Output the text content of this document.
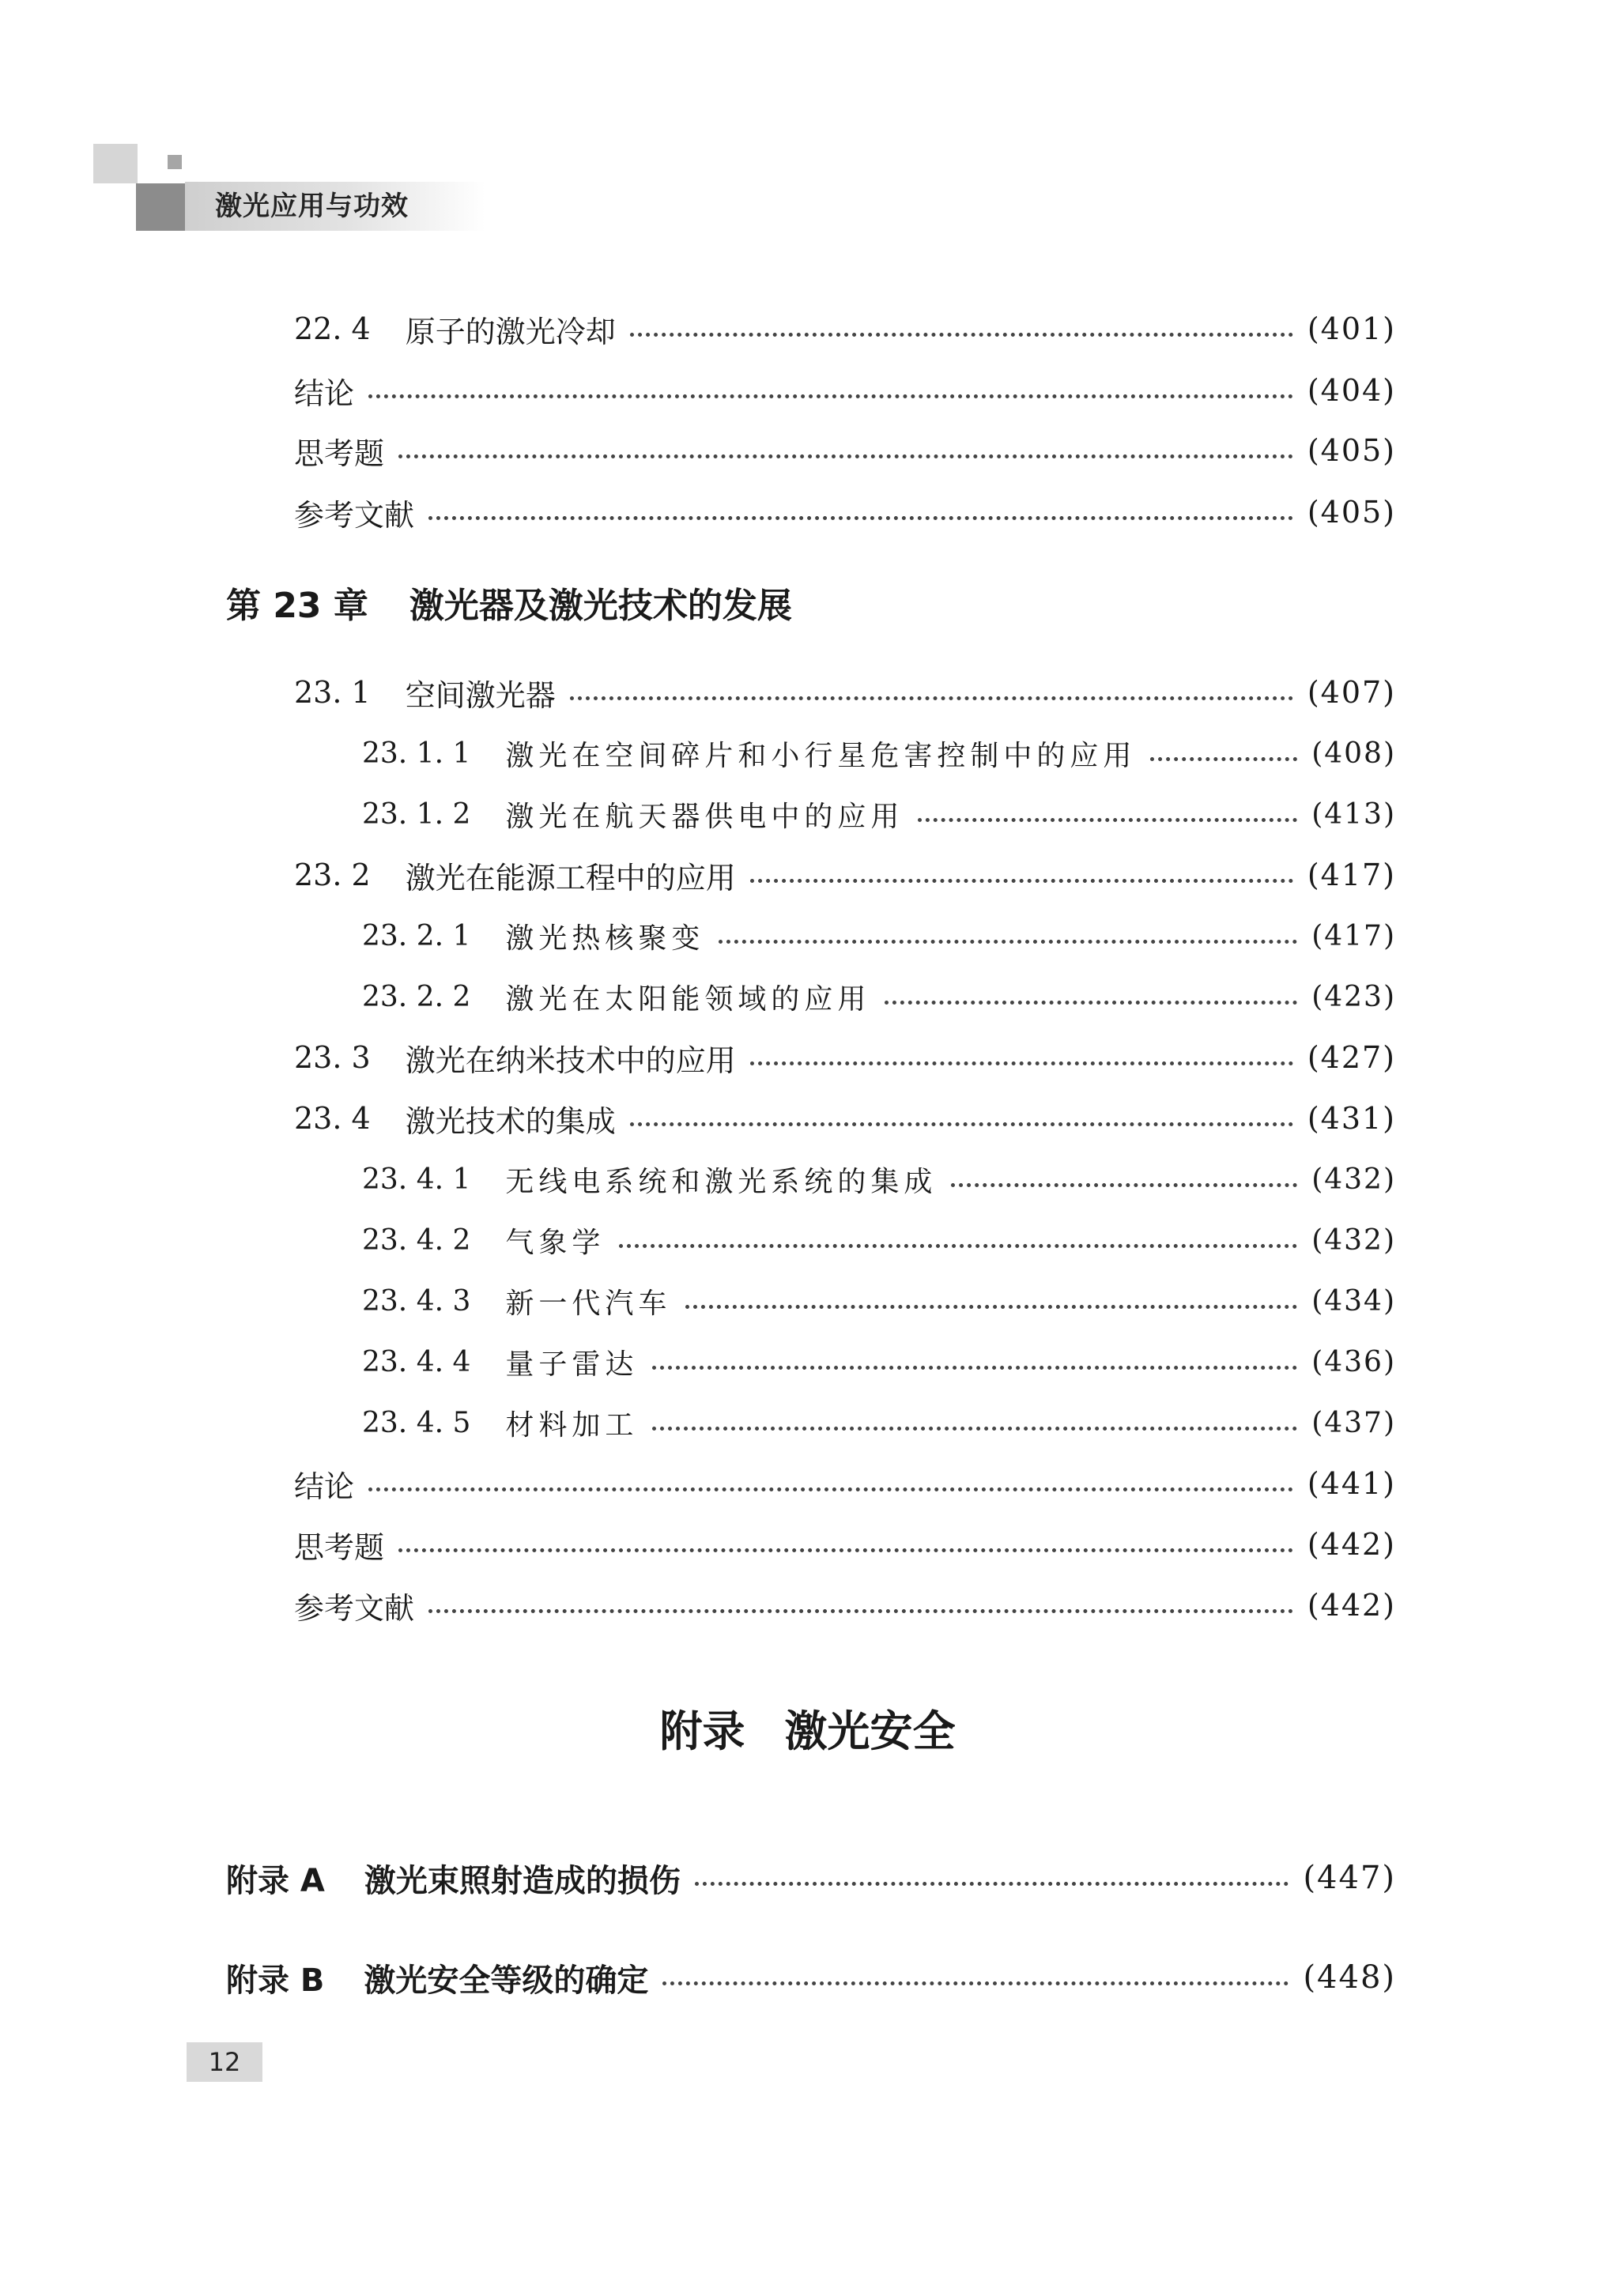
激光应用与功效
22. 4 原子的激光冷却	(401)
结论	(404)
思考题	(405)
参考文献	(405)
第 23 章 激光器及激光技术的发展
23. 1 空间激光器	(407)
23. 1. 1 激光在空间碎片和小行星危害控制中的应用	(408)
23. 1. 2 激光在航天器供电中的应用	(413)
23. 2 激光在能源工程中的应用	(417)
23. 2. 1 激光热核聚变	(417)
23. 2. 2 激光在太阳能领域的应用	(423)
23. 3 激光在纳米技术中的应用	(427)
23. 4 激光技术的集成	(431)
23. 4. 1 无线电系统和激光系统的集成	(432)
23. 4. 2 气象学	(432)
23. 4. 3 新一代汽车	(434)
23. 4. 4 量子雷达	(436)
23. 4. 5 材料加工	(437)
结论	(441)
思考题	(442)
参考文献	(442)
附录 激光安全
附录 A 激光束照射造成的损伤	(447)
附录 B 激光安全等级的确定	(448)
12
